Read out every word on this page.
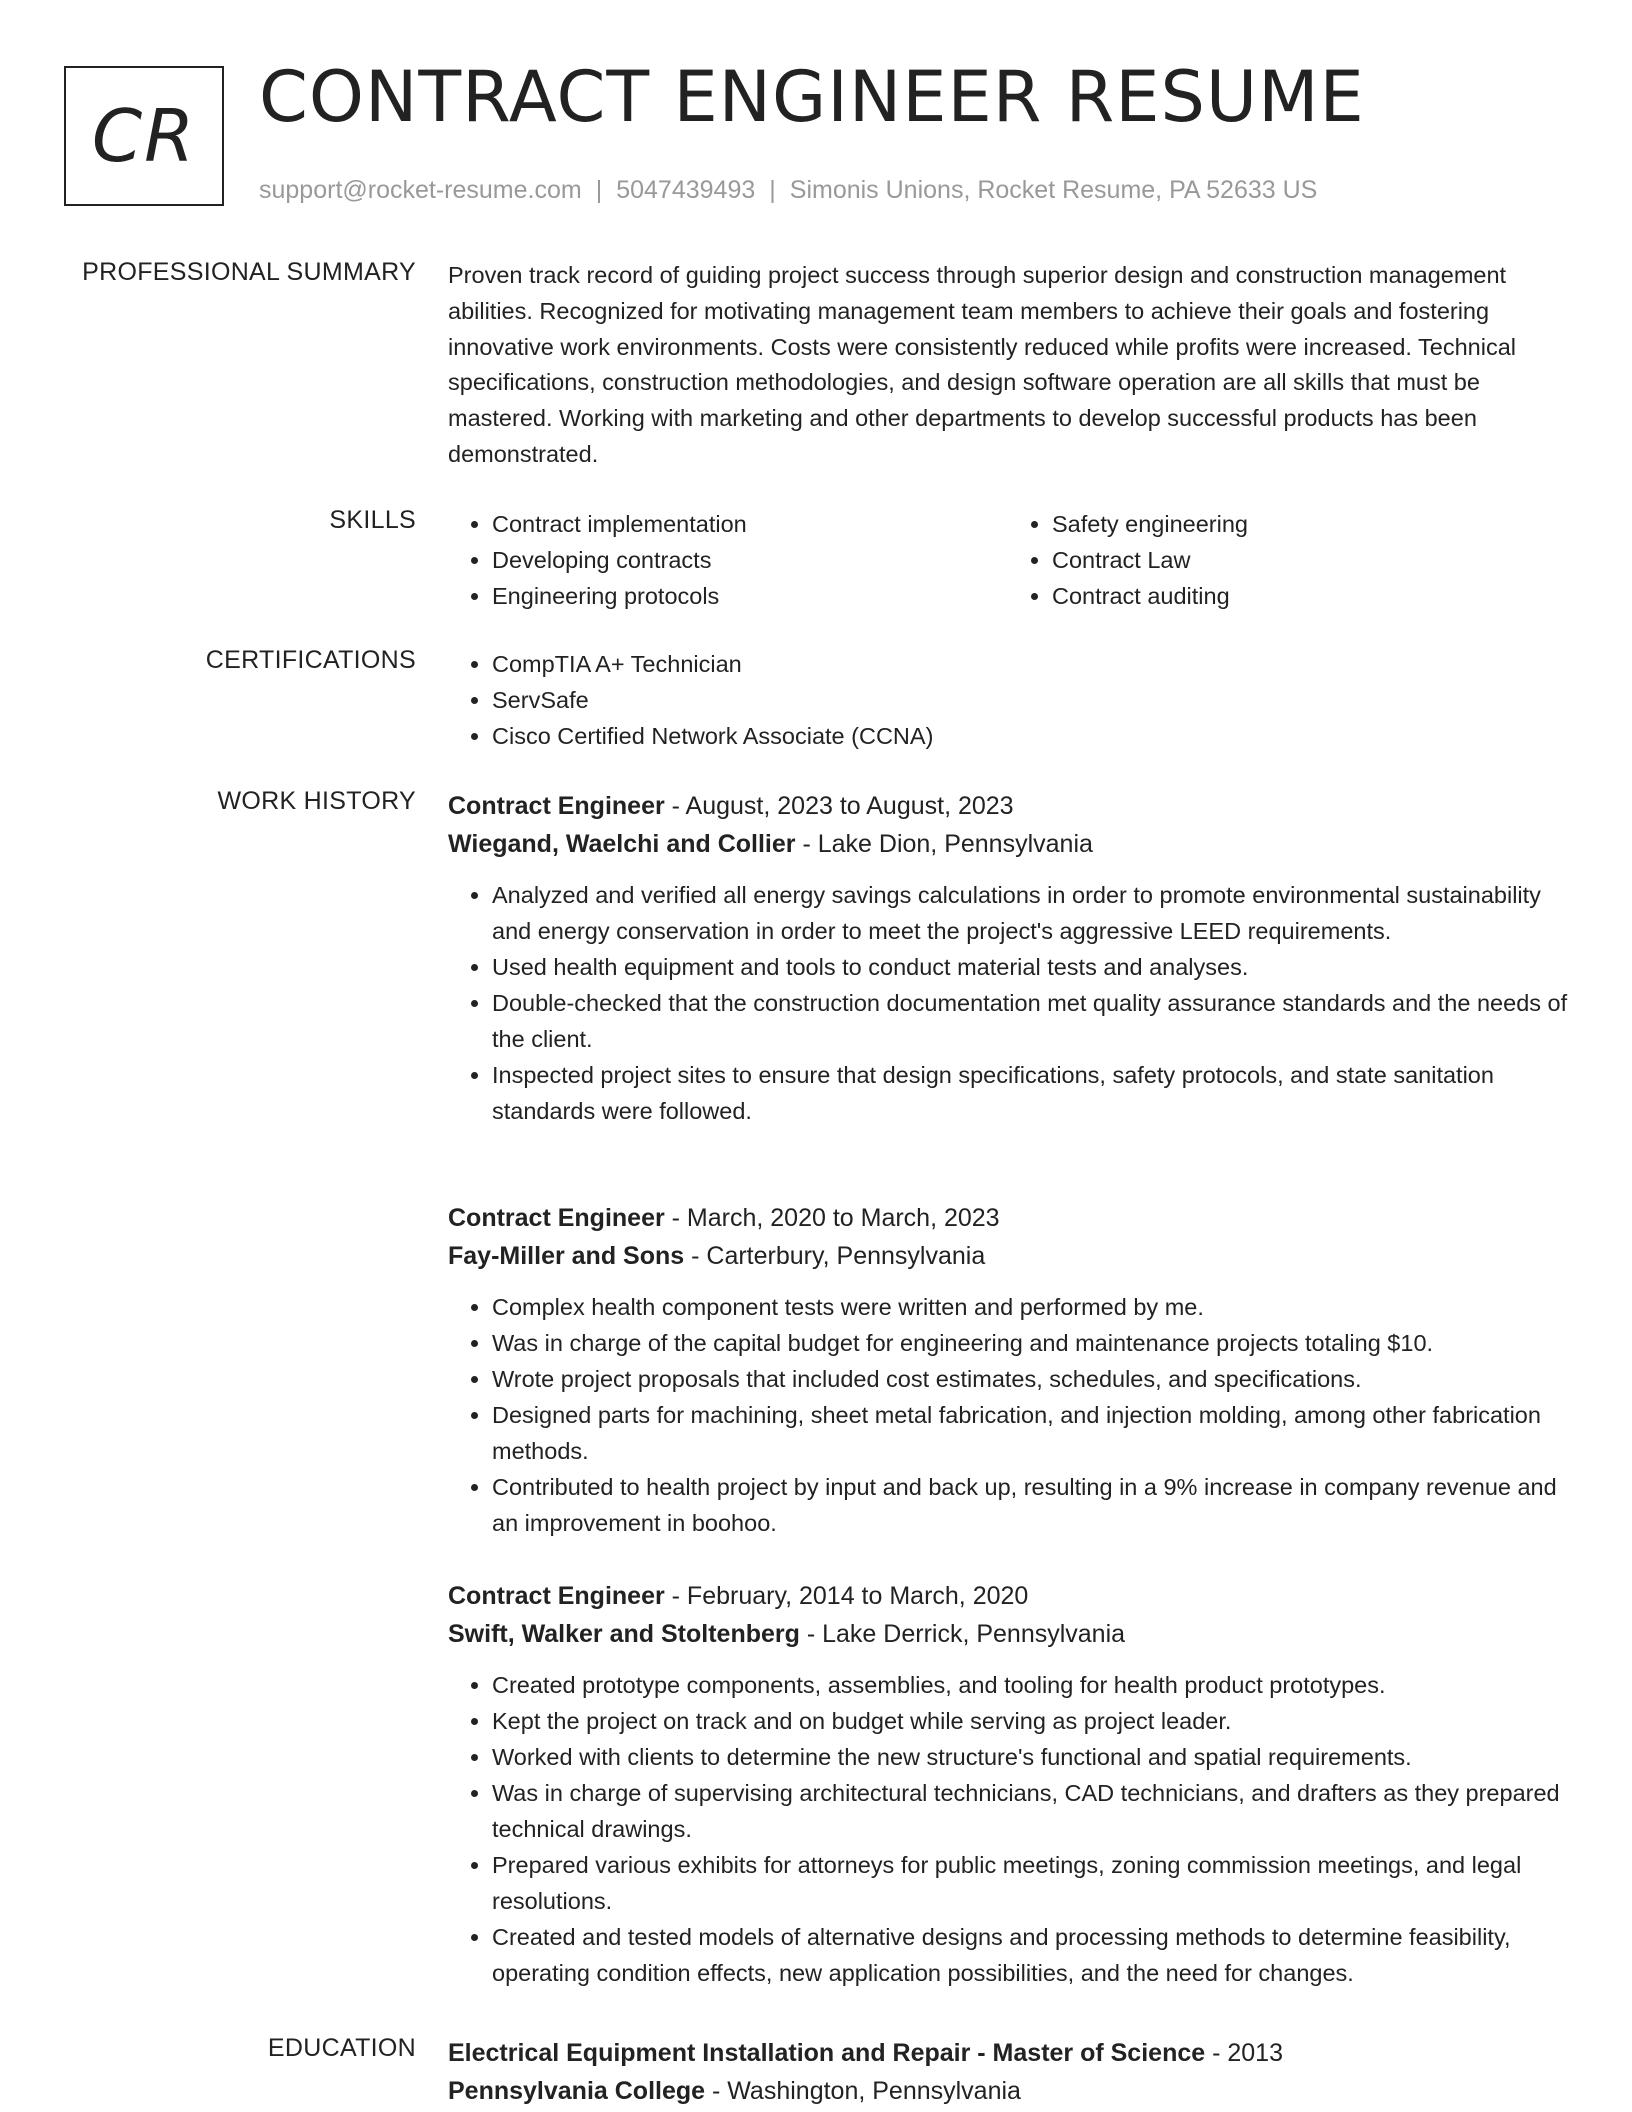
CR CONTRACT ENGINEER RESUME
support@rocket-resume.com | 5047439493 | Simonis Unions, Rocket Resume, PA 52633 US
PROFESSIONAL SUMMARY Proven track record of guiding project success through superior design and construction management abilities. Recognized for motivating management team members to achieve their goals and fostering innovative work environments. Costs were consistently reduced while profits were increased. Technical specifications, construction methodologies, and design software operation are all skills that must be mastered. Working with marketing and other departments to develop successful products has been demonstrated.
SKILLS	• Contract implementation
• Developing contracts
• Engineering protocols
• Safety engineering
• Contract Law
• Contract auditing
CERTIFICATIONS	• CompTIA A+ Technician
• ServSafe
• Cisco Certified Network Associate (CCNA)
WORK HISTORY Contract Engineer - August, 2023 to August, 2023
Wiegand, Waelchi and Collier - Lake Dion, Pennsylvania
• Analyzed and verified all energy savings calculations in order to promote environmental sustainability and energy conservation in order to meet the project's aggressive LEED requirements.
• Used health equipment and tools to conduct material tests and analyses.
• Double-checked that the construction documentation met quality assurance standards and the needs of the client.
• Inspected project sites to ensure that design specifications, safety protocols, and state sanitation standards were followed.
Contract Engineer - March, 2020 to March, 2023
Fay-Miller and Sons - Carterbury, Pennsylvania
• Complex health component tests were written and performed by me.
• Was in charge of the capital budget for engineering and maintenance projects totaling $10.
• Wrote project proposals that included cost estimates, schedules, and specifications.
• Designed parts for machining, sheet metal fabrication, and injection molding, among other fabrication methods.
• Contributed to health project by input and back up, resulting in a 9% increase in company revenue and an improvement in boohoo.
Contract Engineer - February, 2014 to March, 2020
Swift, Walker and Stoltenberg - Lake Derrick, Pennsylvania
• Created prototype components, assemblies, and tooling for health product prototypes.
• Kept the project on track and on budget while serving as project leader.
• Worked with clients to determine the new structure's functional and spatial requirements.
• Was in charge of supervising architectural technicians, CAD technicians, and drafters as they prepared technical drawings.
• Prepared various exhibits for attorneys for public meetings, zoning commission meetings, and legal resolutions.
• Created and tested models of alternative designs and processing methods to determine feasibility, operating condition effects, new application possibilities, and the need for changes.
EDUCATION Electrical Equipment Installation and Repair - Master of Science - 2013
Pennsylvania College - Washington, Pennsylvania
